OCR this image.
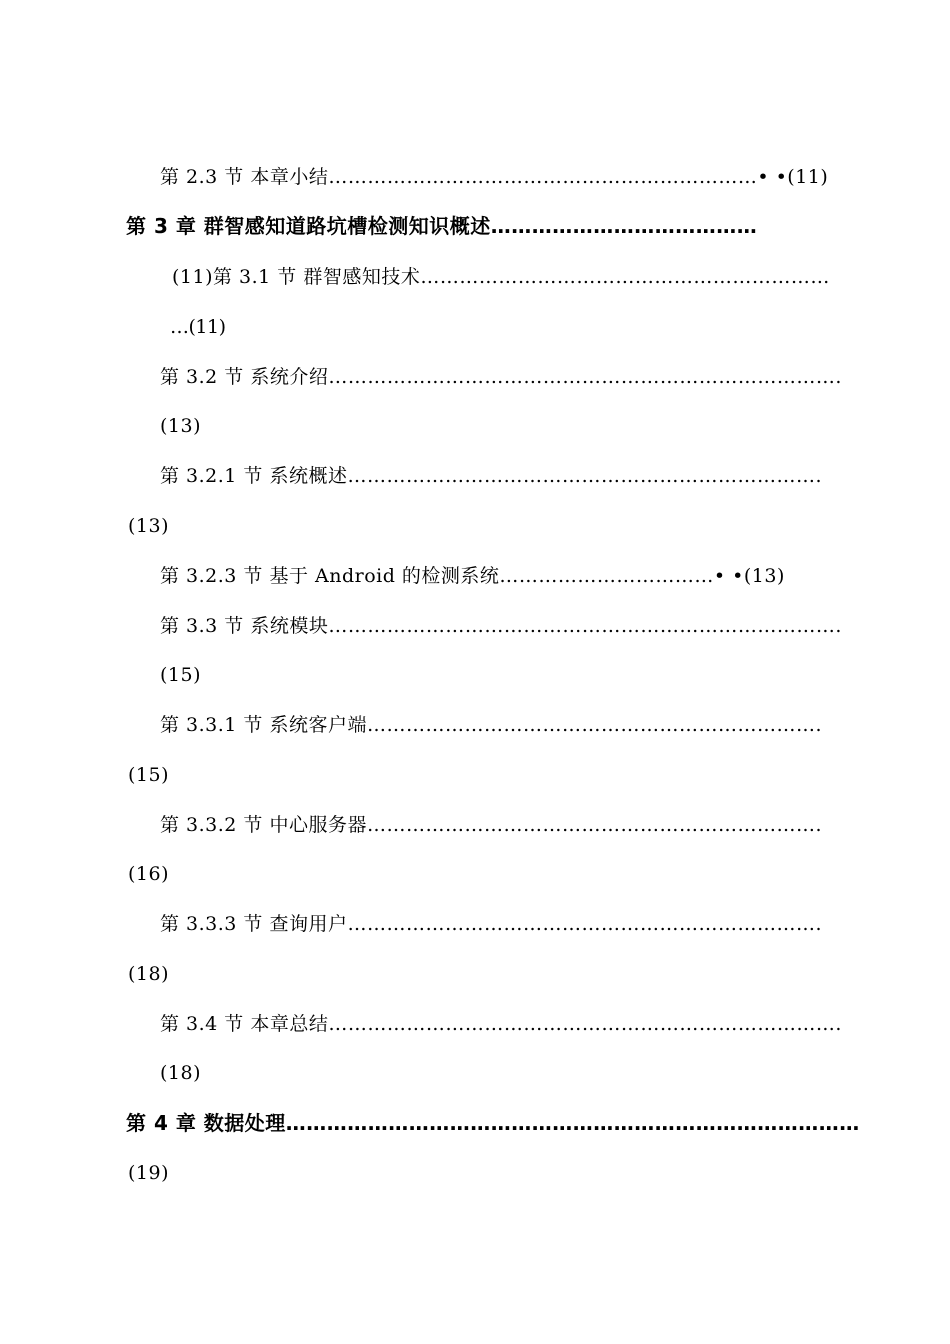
第 2.3 节 本章小结…………………………………………………………• •(11)
第 3 章 群智感知道路坑槽检测知识概述…………………………………
(11)第 3.1 节 群智感知技术………………………………………………………
…(11)
第 3.2 节 系统介绍…………………………………………………………………….
(13)
第 3.2.1 节 系统概述……………………………………………………………….
(13)
第 3.2.3 节 基于 Android 的检测系统……………………………• •(13)
第 3.3 节 系统模块…………………………………………………………………….
(15)
第 3.3.1 节 系统客户端…………………………………………………………….
(15)
第 3.3.2 节 中心服务器…………………………………………………………….
(16)
第 3.3.3 节 查询用户……………………………………………………………….
(18)
第 3.4 节 本章总结…………………………………………………………………….
(18)
第 4 章 数据处理…………………………………………………………………………
(19)
